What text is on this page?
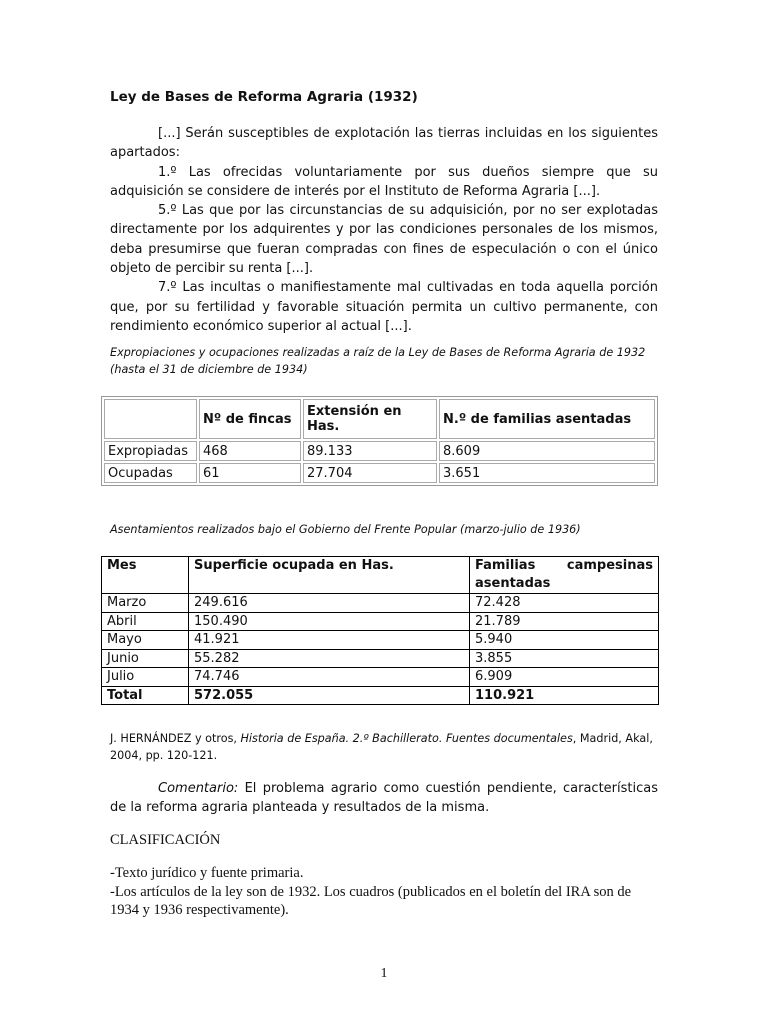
Ley de Bases de Reforma Agraria (1932)

[...] Serán susceptibles de explotación las tierras incluidas en los siguientes apartados:

1.º Las ofrecidas voluntariamente por sus dueños siempre que su adquisición se considere de interés por el Instituto de Reforma Agraria [...].

5.º Las que por las circunstancias de su adquisición, por no ser explotadas directamente por los adquirentes y por las condiciones personales de los mismos, deba presumirse que fueran compradas con fines de especulación o con el único objeto de percibir su renta [...].

7.º Las incultas o manifiestamente mal cultivadas en toda aquella porción que, por su fertilidad y favorable situación permita un cultivo permanente, con rendimiento económico superior al actual [...].

Expropiaciones y ocupaciones realizadas a raíz de la Ley de Bases de Reforma Agraria de 1932 (hasta el 31 de diciembre de 1934)
	Nº de fincas	Extensión en Has.	N.º de familias asentadas
Expropiadas	468	89.133	8.609
Ocupadas	61	27.704	3.651
Asentamientos realizados bajo el Gobierno del Frente Popular (marzo-julio de 1936)
Mes	Superficie ocupada en Has.	Familias campesinas asentadas
Marzo	249.616	72.428
Abril	150.490	21.789
Mayo	41.921	5.940
Junio	55.282	3.855
Julio	74.746	6.909
Total	572.055	110.921
J. HERNÁNDEZ y otros, Historia de España. 2.º Bachillerato. Fuentes documentales, Madrid, Akal, 2004, pp. 120-121.

Comentario: El problema agrario como cuestión pendiente, características de la reforma agraria planteada y resultados de la misma.

CLASIFICACIÓN
-Texto jurídico y fuente primaria.
-Los artículos de la ley son de 1932. Los cuadros (publicados en el boletín del IRA son de 1934 y 1936 respectivamente).
1
